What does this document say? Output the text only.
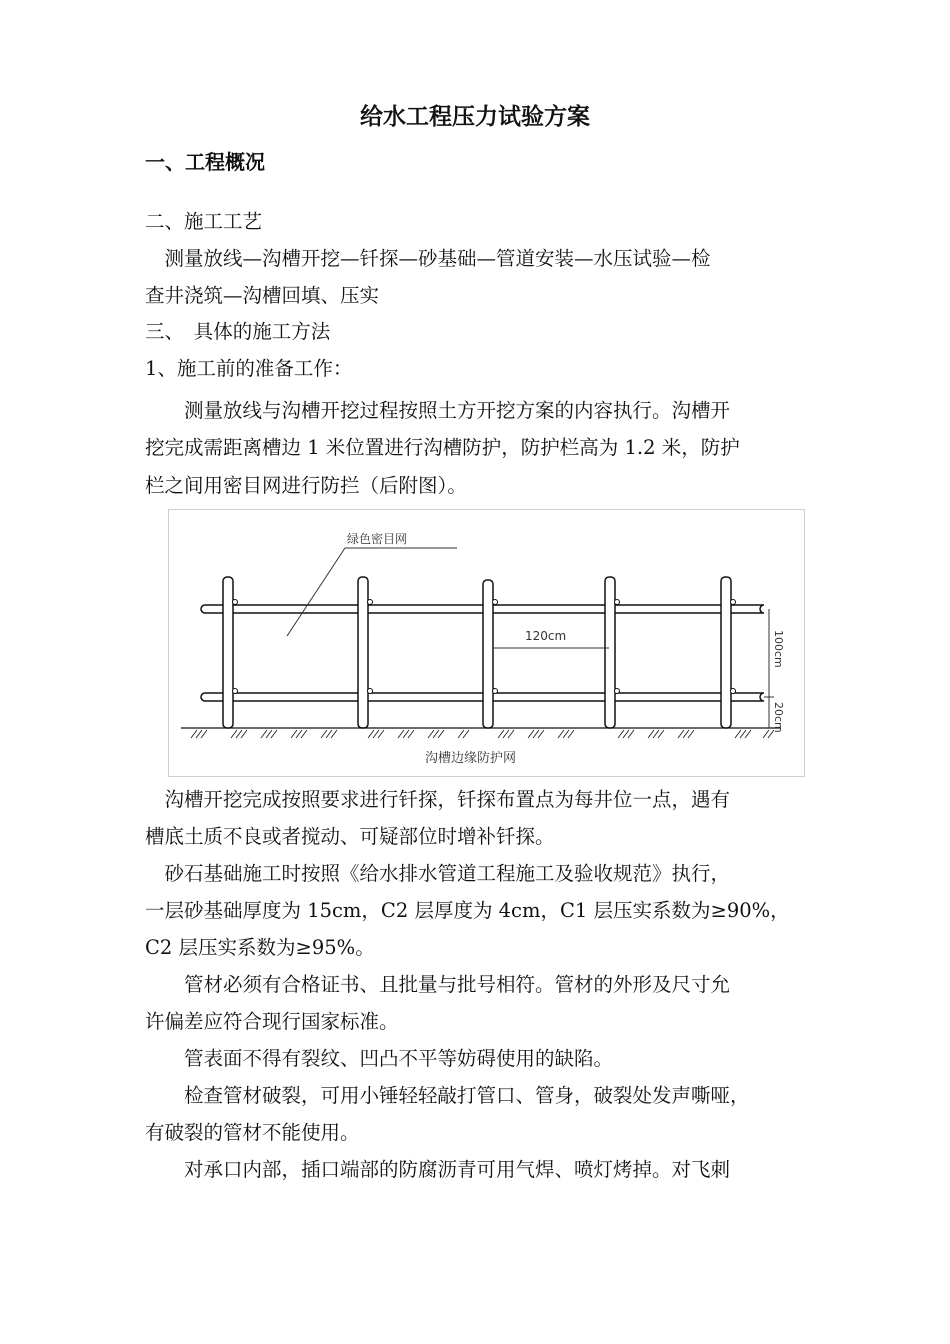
给水工程压力试验方案
一、工程概况
二、施工工艺
　测量放线—沟槽开挖—钎探—砂基础—管道安装—水压试验—检
查井浇筑—沟槽回填、压实
三、　具体的施工方法
1、施工前的准备工作：
　　测量放线与沟槽开挖过程按照土方开挖方案的内容执行。沟槽开
挖完成需距离槽边 1 米位置进行沟槽防护，防护栏高为 1.2 米，防护
栏之间用密目网进行防拦（后附图）。
绿色密目网
120cm	100cm
20cm
沟槽边缘防护网
　沟槽开挖完成按照要求进行钎探，钎探布置点为每井位一点，遇有
槽底土质不良或者搅动、可疑部位时增补钎探。
　砂石基础施工时按照《给水排水管道工程施工及验收规范》执行，
一层砂基础厚度为 15cm，C2 层厚度为 4cm，C1 层压实系数为≥90%，
C2 层压实系数为≥95%。
　　管材必须有合格证书、且批量与批号相符。管材的外形及尺寸允
许偏差应符合现行国家标准。
　　管表面不得有裂纹、凹凸不平等妨碍使用的缺陷。
　　检查管材破裂，可用小锤轻轻敲打管口、管身，破裂处发声嘶哑，
有破裂的管材不能使用。
　　对承口内部，插口端部的防腐沥青可用气焊、喷灯烤掉。对飞刺
